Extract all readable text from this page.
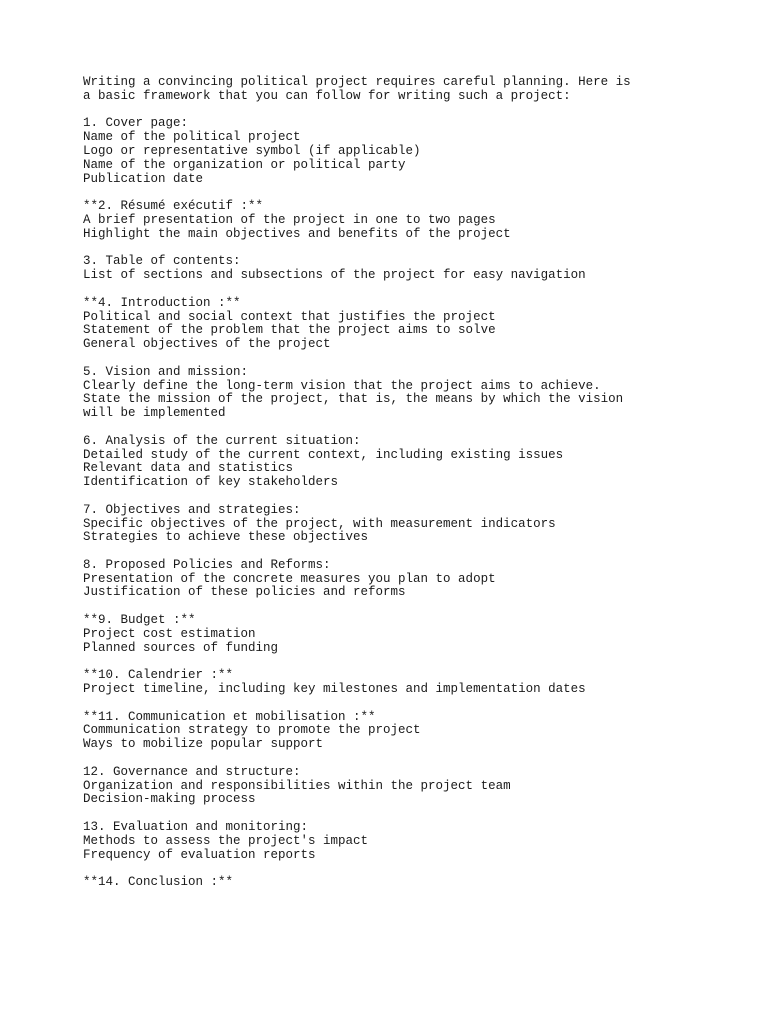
Writing a convincing political project requires careful planning. Here is
a basic framework that you can follow for writing such a project:
1. Cover page:
Name of the political project
Logo or representative symbol (if applicable)
Name of the organization or political party
Publication date
**2. Résumé exécutif :**
A brief presentation of the project in one to two pages
Highlight the main objectives and benefits of the project
3. Table of contents:
List of sections and subsections of the project for easy navigation
**4. Introduction :**
Political and social context that justifies the project
Statement of the problem that the project aims to solve
General objectives of the project
5. Vision and mission:
Clearly define the long-term vision that the project aims to achieve.
State the mission of the project, that is, the means by which the vision
will be implemented
6. Analysis of the current situation:
Detailed study of the current context, including existing issues
Relevant data and statistics
Identification of key stakeholders
7. Objectives and strategies:
Specific objectives of the project, with measurement indicators
Strategies to achieve these objectives
8. Proposed Policies and Reforms:
Presentation of the concrete measures you plan to adopt
Justification of these policies and reforms
**9. Budget :**
Project cost estimation
Planned sources of funding
**10. Calendrier :**
Project timeline, including key milestones and implementation dates
**11. Communication et mobilisation :**
Communication strategy to promote the project
Ways to mobilize popular support
12. Governance and structure:
Organization and responsibilities within the project team
Decision-making process
13. Evaluation and monitoring:
Methods to assess the project's impact
Frequency of evaluation reports
**14. Conclusion :**
